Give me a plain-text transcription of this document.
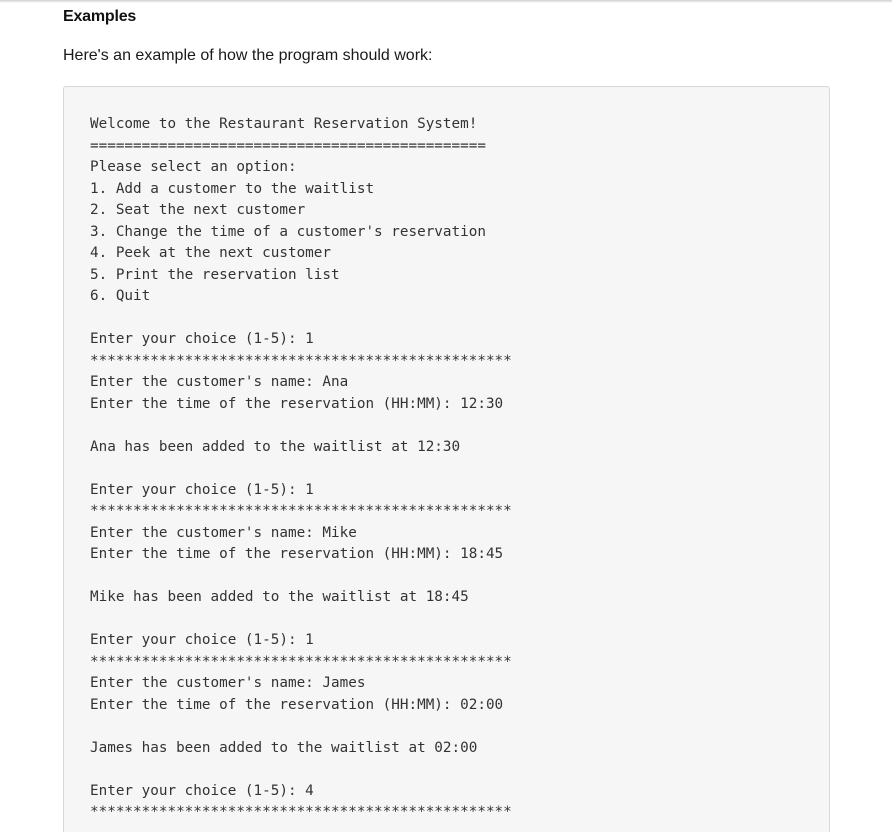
Examples
Here's an example of how the program should work:
Welcome to the Restaurant Reservation System!
==============================================
Please select an option:
1. Add a customer to the waitlist
2. Seat the next customer
3. Change the time of a customer's reservation
4. Peek at the next customer
5. Print the reservation list
6. Quit
Enter your choice (1-5): 1
*************************************************
Enter the customer's name: Ana
Enter the time of the reservation (HH:MM): 12:30
Ana has been added to the waitlist at 12:30
Enter your choice (1-5): 1
*************************************************
Enter the customer's name: Mike
Enter the time of the reservation (HH:MM): 18:45
Mike has been added to the waitlist at 18:45
Enter your choice (1-5): 1
*************************************************
Enter the customer's name: James
Enter the time of the reservation (HH:MM): 02:00
James has been added to the waitlist at 02:00
Enter your choice (1-5): 4
*************************************************
